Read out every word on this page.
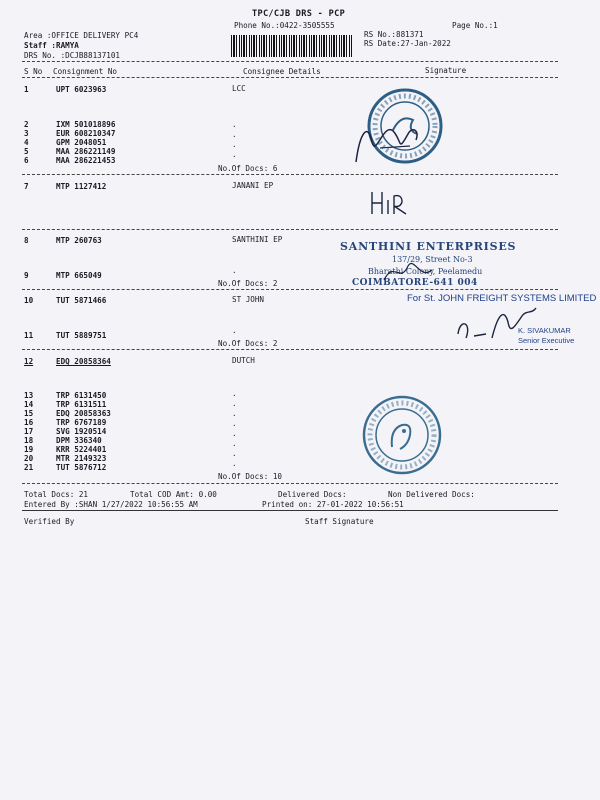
TPC/CJB DRS - PCP
Phone No.:0422-3505555	Page No.:1
Area :OFFICE DELIVERY PC4
Staff :RAMYA
DRS No. :DCJB88137101
RS No.:881371
RS Date:27-Jan-2022
S No Consignment No	Consignee Details	Signature
1	UPT 6023963	LCC
2	IXM 501018896
3	EUR 608210347
4	GPM 2048051
5	MAA 286221149
6	MAA 286221453
.
.
.
.
No.Of Docs: 6
7	MTP 1127412	JANANI EP
8	MTP 260763	SANTHINI EP
9	MTP 665049
.
No.Of Docs: 2
10	TUT 5871466	ST JOHN
11	TUT 5889751
.
No.Of Docs: 2
12	EDQ 20858364	DUTCH
13	TRP 6131450
14	TRP 6131511
15	EDQ 20858363
16	TRP 6767189
17	SVG 1920514
18	DPM 336340
19	KRR 5224401
20	MTR 2149323
21	TUT 5876712
.
.
.
.
.
.
.
.
No.Of Docs: 10
Total Docs: 21	Total COD Amt: 0.00	Delivered Docs:	Non Delivered Docs:
Entered By :SHAN 1/27/2022 10:56:55 AM	Printed on: 27-01-2022 10:56:51
Verified By	Staff Signature
SANTHINI ENTERPRISES
137/29, Street No-3
Bharathi Colony, Peelamedu
COIMBATORE-641 004
For St. JOHN FREIGHT SYSTEMS LIMITED
K. SIVAKUMAR
Senior Executive
